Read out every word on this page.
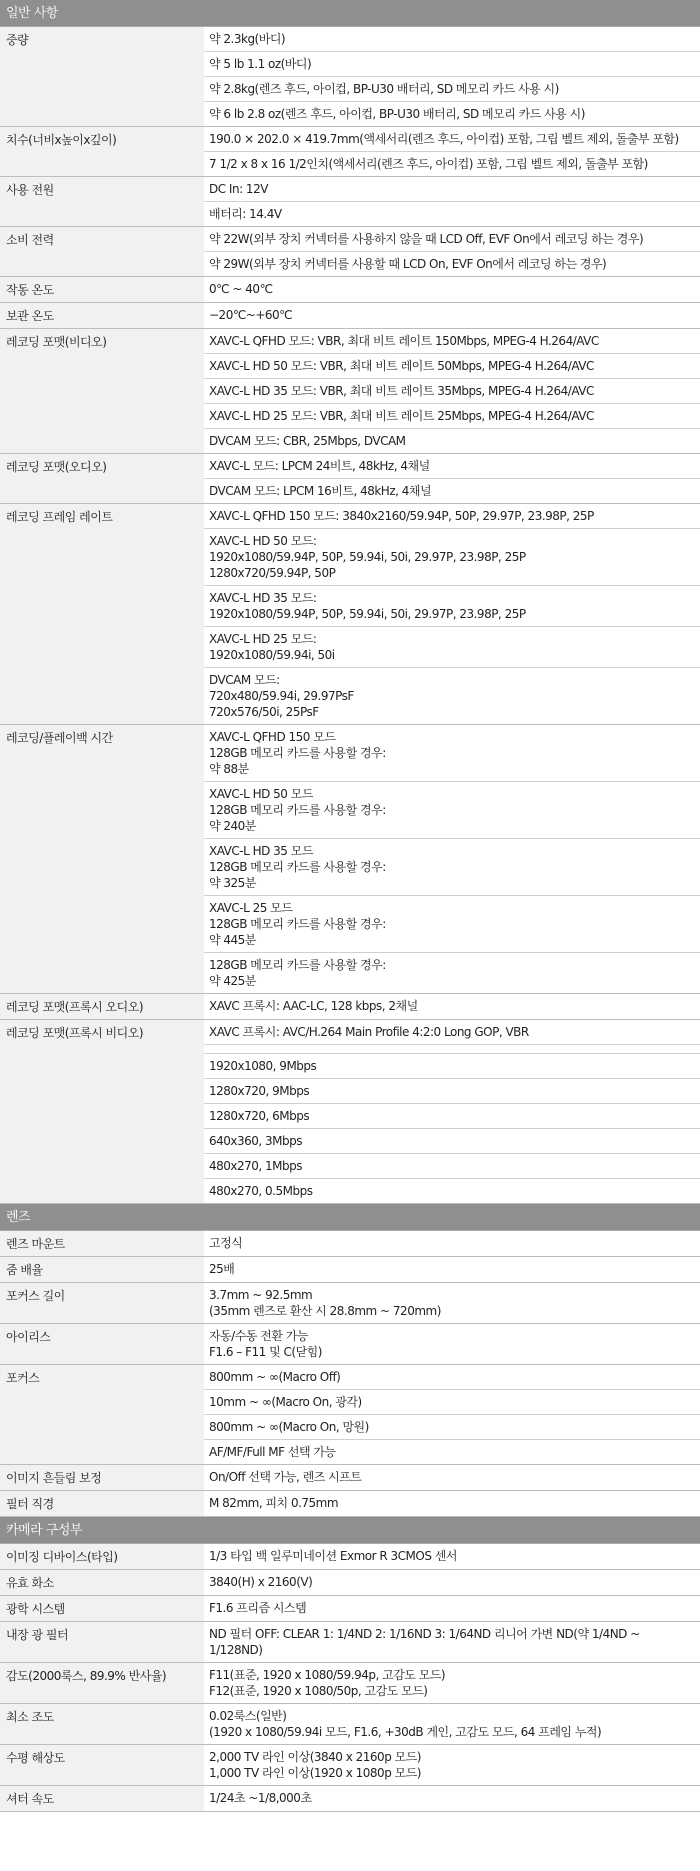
일반 사항
중량	약 2.3kg(바디)
약 5 lb 1.1 oz(바디)
약 2.8kg(렌즈 후드, 아이컵, BP-U30 배터리, SD 메모리 카드 사용 시)
약 6 lb 2.8 oz(렌즈 후드, 아이컵, BP-U30 배터리, SD 메모리 카드 사용 시)
치수(너비x높이x깊이)	190.0 × 202.0 × 419.7mm(액세서리(렌즈 후드, 아이컵) 포함, 그립 벨트 제외, 돌출부 포함)

7 1/2 x 8 x 16 1/2인치(액세서리(렌즈 후드, 아이컵) 포함, 그립 벨트 제외, 돌출부 포함)

사용 전원	DC In: 12V
배터리: 14.4V
소비 전력	약 22W(외부 장치 커넥터를 사용하지 않을 때 LCD Off, EVF On에서 레코딩 하는 경우)
약 29W(외부 장치 커넥터를 사용할 때 LCD On, EVF On에서 레코딩 하는 경우)
작동 온도	0℃ ~ 40℃
보관 온도	−20℃~+60℃
레코딩 포맷(비디오)	XAVC-L QFHD 모드: VBR, 최대 비트 레이트 150Mbps, MPEG-4 H.264/AVC
XAVC-L HD 50 모드: VBR, 최대 비트 레이트 50Mbps, MPEG-4 H.264/AVC
XAVC-L HD 35 모드: VBR, 최대 비트 레이트 35Mbps, MPEG-4 H.264/AVC
XAVC-L HD 25 모드: VBR, 최대 비트 레이트 25Mbps, MPEG-4 H.264/AVC
DVCAM 모드: CBR, 25Mbps, DVCAM
레코딩 포맷(오디오)	XAVC-L 모드: LPCM 24비트, 48kHz, 4채널
DVCAM 모드: LPCM 16비트, 48kHz, 4채널
레코딩 프레임 레이트	XAVC-L QFHD 150 모드: 3840x2160/59.94P, 50P, 29.97P, 23.98P, 25P
XAVC-L HD 50 모드:
1920x1080/59.94P, 50P, 59.94i, 50i, 29.97P, 23.98P, 25P
1280x720/59.94P, 50P
XAVC-L HD 35 모드:
1920x1080/59.94P, 50P, 59.94i, 50i, 29.97P, 23.98P, 25P
XAVC-L HD 25 모드:
1920x1080/59.94i, 50i
DVCAM 모드:
720x480/59.94i, 29.97PsF
720x576/50i, 25PsF
레코딩/플레이백 시간	XAVC-L QFHD 150 모드
128GB 메모리 카드를 사용할 경우:
약 88분
XAVC-L HD 50 모드
128GB 메모리 카드를 사용할 경우:
약 240분
XAVC-L HD 35 모드
128GB 메모리 카드를 사용할 경우:
약 325분
XAVC-L 25 모드
128GB 메모리 카드를 사용할 경우:
약 445분
128GB 메모리 카드를 사용할 경우:
약 425분
레코딩 포맷(프록시 오디오)	XAVC 프록시: AAC-LC, 128 kbps, 2채널
레코딩 포맷(프록시 비디오)	XAVC 프록시: AVC/H.264 Main Profile 4:2:0 Long GOP, VBR
1920x1080, 9Mbps
1280x720, 9Mbps
1280x720, 6Mbps
640x360, 3Mbps
480x270, 1Mbps
480x270, 0.5Mbps
렌즈
렌즈 마운트	고정식
줌 배율	25배
포커스 길이	3.7mm ~ 92.5mm
(35mm 렌즈로 환산 시 28.8mm ~ 720mm)
아이리스	자동/수동 전환 가능
F1.6 – F11 및 C(닫힘)
포커스	800mm ~ ∞(Macro Off)
10mm ~ ∞(Macro On, 광각)
800mm ~ ∞(Macro On, 망원)
AF/MF/Full MF 선택 가능
이미지 흔들림 보정	On/Off 선택 가능, 렌즈 시프트
필터 직경	M 82mm, 피치 0.75mm
카메라 구성부
이미징 디바이스(타입)	1/3 타입 백 일루미네이션 Exmor R 3CMOS 센서
유효 화소	3840(H) x 2160(V)
광학 시스템	F1.6 프리즘 시스템
내장 광 필터	ND 필터 OFF: CLEAR 1: 1/4ND 2: 1/16ND 3: 1/64ND 리니어 가변 ND(약 1/4ND ~ 1/128ND)
감도(2000룩스, 89.9% 반사율)	F11(표준, 1920 x 1080/59.94p, 고감도 모드)
F12(표준, 1920 x 1080/50p, 고감도 모드)
최소 조도	0.02룩스(일반)
(1920 x 1080/59.94i 모드, F1.6, +30dB 게인, 고감도 모드, 64 프레임 누적)
수평 해상도	2,000 TV 라인 이상(3840 x 2160p 모드)
1,000 TV 라인 이상(1920 x 1080p 모드)
셔터 속도	1/24초 ~1/8,000초
